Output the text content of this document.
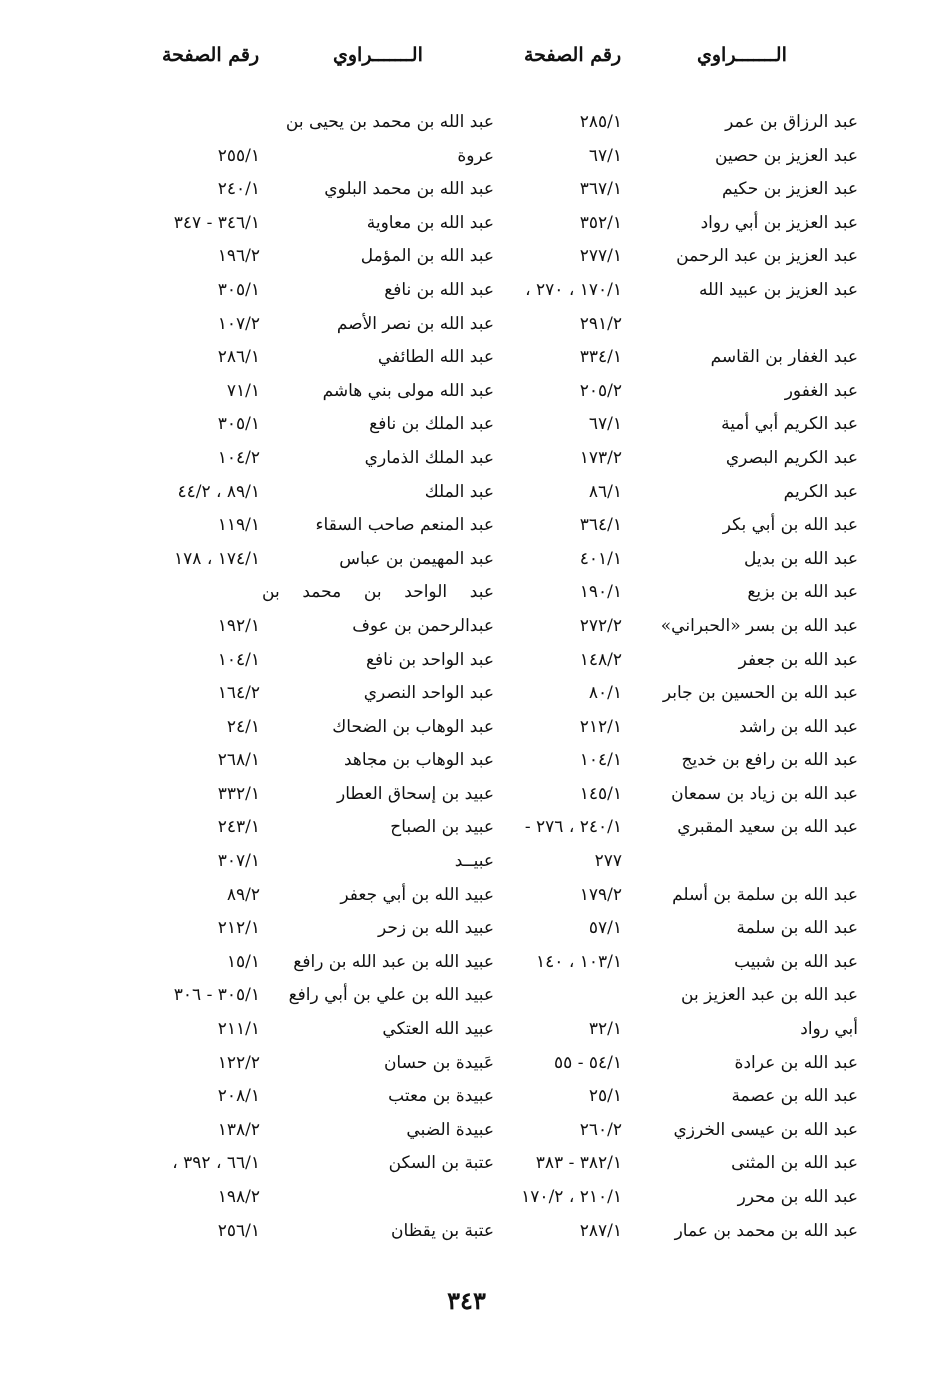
الـــــــراوي
رقم الصفحة
الـــــــراوي
رقم الصفحة
عبد الرزاق بن عمر
عبد العزيز بن حصين
عبد العزيز بن حكيم
عبد العزيز بن أبي رواد
عبد العزيز بن عبد الرحمن
عبد العزيز بن عبيد الله
عبد الغفار بن القاسم
عبد الغفور
عبد الكريم أبي أمية
عبد الكريم البصري
عبد الكريم
عبد الله بن أبي بكر
عبد الله بن بديل
عبد الله بن بزيع
عبد الله بن بسر «الحبراني»
عبد الله بن جعفر
عبد الله بن الحسين بن جابر
عبد الله بن راشد
عبد الله بن رافع بن خديج
عبد الله بن زياد بن سمعان
عبد الله بن سعيد المقبري
عبد الله بن سلمة بن أسلم
عبد الله بن سلمة
عبد الله بن شبيب
عبد الله بن عبد العزيز بن
أبي رواد
عبد الله بن عرادة
عبد الله بن عصمة
عبد الله بن عيسى الخرزي
عبد الله بن المثنى
عبد الله بن محرر
عبد الله بن محمد بن عمار
٢٨٥/١
٦٧/١
٣٦٧/١
٣٥٢/١
٢٧٧/١
١٧٠/١ ، ٢٧٠ ،
٢٩١/٢
٣٣٤/١
٢٠٥/٢
٦٧/١
١٧٣/٢
٨٦/١
٣٦٤/١
٤٠١/١
١٩٠/١
٢٧٢/٢
١٤٨/٢
٨٠/١
٢١٢/١
١٠٤/١
١٤٥/١
٢٤٠/١ ، ٢٧٦ -
٢٧٧
١٧٩/٢
٥٧/١
١٠٣/١ ، ١٤٠
٣٢/١
٥٤/١ - ٥٥
٢٥/١
٢٦٠/٢
٣٨٢/١ - ٣٨٣
٢١٠/١ ، ١٧٠/٢
٢٨٧/١
عبد الله بن محمد بن يحيى بن
عروة
عبد الله بن محمد البلوي
عبد الله بن معاوية
عبد الله بن المؤمل
عبد الله بن نافع
عبد الله بن نصر الأصم
عبد الله الطائفي
عبد الله مولى بني هاشم
عبد الملك بن نافع
عبد الملك الذماري
عبد الملك
عبد المنعم صاحب السقاء
عبد المهيمن بن عباس
عبد الواحد بن محمد بن
عبدالرحمن بن عوف
عبد الواحد بن نافع
عبد الواحد النصري
عبد الوهاب بن الضحاك
عبد الوهاب بن مجاهد
عبيد بن إسحاق العطار
عبيد بن الصباح
عبيــد
عبيد الله بن أبي جعفر
عبيد الله بن زحر
عبيد الله بن عبد الله بن رافع
عبيد الله بن علي بن أبي رافع
عبيد الله العتكي
عَبيدة بن حسان
عبيدة بن معتب
عبيدة الضبي
عتبة بن السكن
عتبة بن يقظان
٢٥٥/١
٢٤٠/١
٣٤٦/١ - ٣٤٧
١٩٦/٢
٣٠٥/١
١٠٧/٢
٢٨٦/١
٧١/١
٣٠٥/١
١٠٤/٢
٨٩/١ ، ٤٤/٢
١١٩/١
١٧٤/١ ، ١٧٨
١٩٢/١
١٠٤/١
١٦٤/٢
٢٤/١
٢٦٨/١
٣٣٢/١
٢٤٣/١
٣٠٧/١
٨٩/٢
٢١٢/١
١٥/١
٣٠٥/١ - ٣٠٦
٢١١/١
١٢٢/٢
٢٠٨/١
١٣٨/٢
٦٦/١ ، ٣٩٢ ،
١٩٨/٢
٢٥٦/١
٣٤٣
